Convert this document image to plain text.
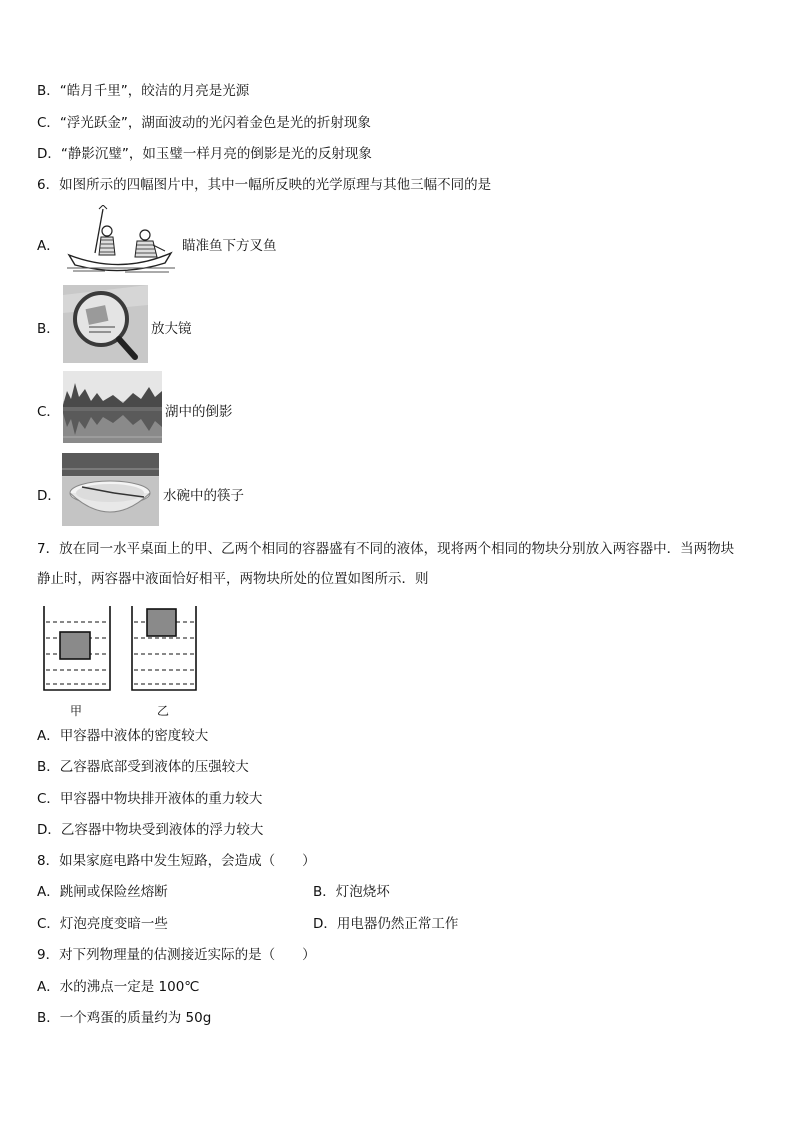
B．“皓月千里”，皎洁的月亮是光源
C．“浮光跃金”，湖面波动的光闪着金色是光的折射现象
D．“静影沉璧”，如玉璧一样月亮的倒影是光的反射现象
6．如图所示的四幅图片中，其中一幅所反映的光学原理与其他三幅不同的是
A．	瞄准鱼下方叉鱼
B．	放大镜
C．	湖中的倒影
D．	水碗中的筷子
7．放在同一水平桌面上的甲、乙两个相同的容器盛有不同的液体，现将两个相同的物块分别放入两容器中．当两物块
静止时，两容器中液面恰好相平，两物块所处的位置如图所示．则
甲	乙
A．甲容器中液体的密度较大
B．乙容器底部受到液体的压强较大
C．甲容器中物块排开液体的重力较大
D．乙容器中物块受到液体的浮力较大
8．如果家庭电路中发生短路，会造成（　　）
A．跳闸或保险丝熔断	B．灯泡烧坏
C．灯泡亮度变暗一些	D．用电器仍然正常工作
9．对下列物理量的估测接近实际的是（　　）
A．水的沸点一定是 100℃
B．一个鸡蛋的质量约为 50g
